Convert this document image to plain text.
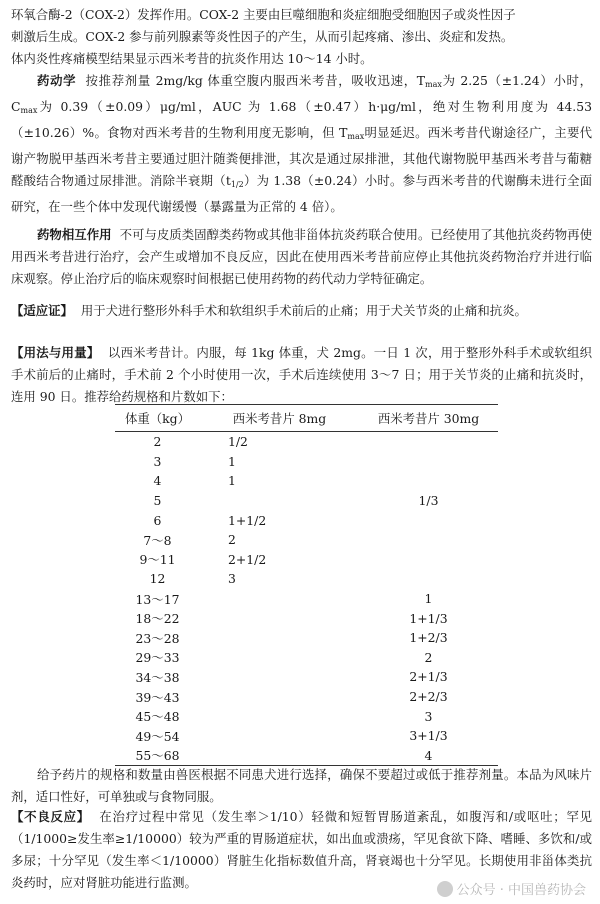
环氧合酶-2（COX-2）发挥作用。COX-2 主要由巨噬细胞和炎症细胞受细胞因子或炎性因子

刺激后生成。COX-2 参与前列腺素等炎性因子的产生，从而引起疼痛、渗出、炎症和发热。

体内炎性疼痛模型结果显示西米考昔的抗炎作用达 10～14 小时。

药动学 按推荐剂量 2mg/kg 体重空腹内服西米考昔，吸收迅速，$T_{max}$为 2.25（±1.24）小时，$C_{max}$为 0.39（±0.09）μg/ml，AUC 为 1.68（±0.47）h·μg/ml，绝对生物利用度为 44.53（±10.26）%。食物对西米考昔的生物利用度无影响，但 $T_{max}$明显延迟。西米考昔代谢途径广，主要代谢产物脱甲基西米考昔主要通过胆汁随粪便排泄，其次是通过尿排泄，其他代谢物脱甲基西米考昔与葡糖醛酸结合物通过尿排泄。消除半衰期$(t_{1/2})$为 1.38（±0.24）小时。参与西米考昔的代谢酶未进行全面研究，在一些个体中发现代谢缓慢（暴露量为正常的 4 倍）。

药物相互作用 不可与皮质类固醇类药物或其他非甾体抗炎药联合使用。已经使用了其他抗炎药物再使用西米考昔进行治疗，会产生或增加不良反应，因此在使用西米考昔前应停止其他抗炎药物治疗并进行临床观察。停止治疗后的临床观察时间根据已使用药物的药代动力学特征确定。

【适应证】 用于犬进行整形外科手术和软组织手术前后的止痛；用于犬关节炎的止痛和抗炎。

【用法与用量】 以西米考昔计。内服，每 1kg 体重，犬 2mg。一日 1 次，用于整形外科手术或软组织手术前后的止痛时，手术前 2 个小时使用一次，手术后连续使用 3～7 日；用于关节炎的止痛和抗炎时，连用 90 日。推荐给药规格和片数如下：

体重（kg）	西米考昔片 8mg	西米考昔片 30mg
2	1/2	
3	1	
4	1	
5		1/3
6	1+1/2	
7～8	2	
9～11	2+1/2	
12	3	
13～17		1
18～22		1+1/3
23～28		1+2/3
29～33		2
34～38		2+1/3
39～43		2+2/3
45～48		3
49～54		3+1/3
55～68		4

给予药片的规格和数量由兽医根据不同患犬进行选择，确保不要超过或低于推荐剂量。本品为风味片剂，适口性好，可单独或与食物同服。

【不良反应】 在治疗过程中常见（发生率＞1/10）轻微和短暂胃肠道紊乱，如腹泻和/或呕吐；罕见（1/1000≥发生率≥1/10000）较为严重的胃肠道症状，如出血或溃疡，罕见食欲下降、嗜睡、多饮和/或多尿；十分罕见（发生率＜1/10000）肾脏生化指标数值升高，肾衰竭也十分罕见。长期使用非甾体类抗炎药时，应对肾脏功能进行监测。

公众号 · 中国兽药协会
